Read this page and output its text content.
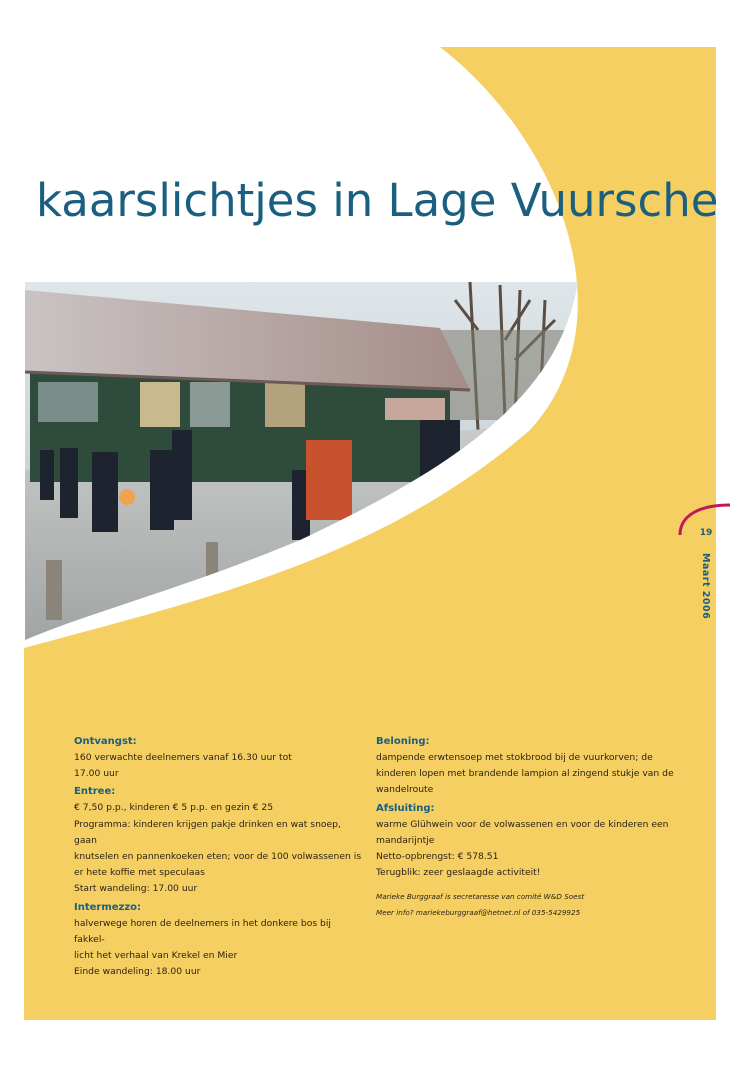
kaarslichtjes in Lage Vuursche
19
Maart 2006
Ontvangst:
160 verwachte deelnemers vanaf 16.30 uur tot
17.00 uur
Entree:
€ 7,50 p.p., kinderen € 5 p.p. en gezin € 25
Programma: kinderen krijgen pakje drinken en wat snoep, gaan
knutselen en pannenkoeken eten; voor de 100 volwassenen is
er hete koffie met speculaas
Start wandeling: 17.00 uur
Intermezzo:
halverwege horen de deelnemers in het donkere bos bij fakkel-
licht het verhaal van Krekel en Mier
Einde wandeling: 18.00 uur
Beloning:
dampende erwtensoep met stokbrood bij de vuurkorven; de
kinderen lopen met brandende lampion al zingend stukje van de
wandelroute
Afsluiting:
warme Glühwein voor de volwassenen en voor de kinderen een
mandarijntje
Netto-opbrengst: € 578.51
Terugblik: zeer geslaagde activiteit!
Marieke Burggraaf is secretaresse van comité W&D Soest
Meer info? mariekeburggraaf@hetnet.nl of 035-5429925
